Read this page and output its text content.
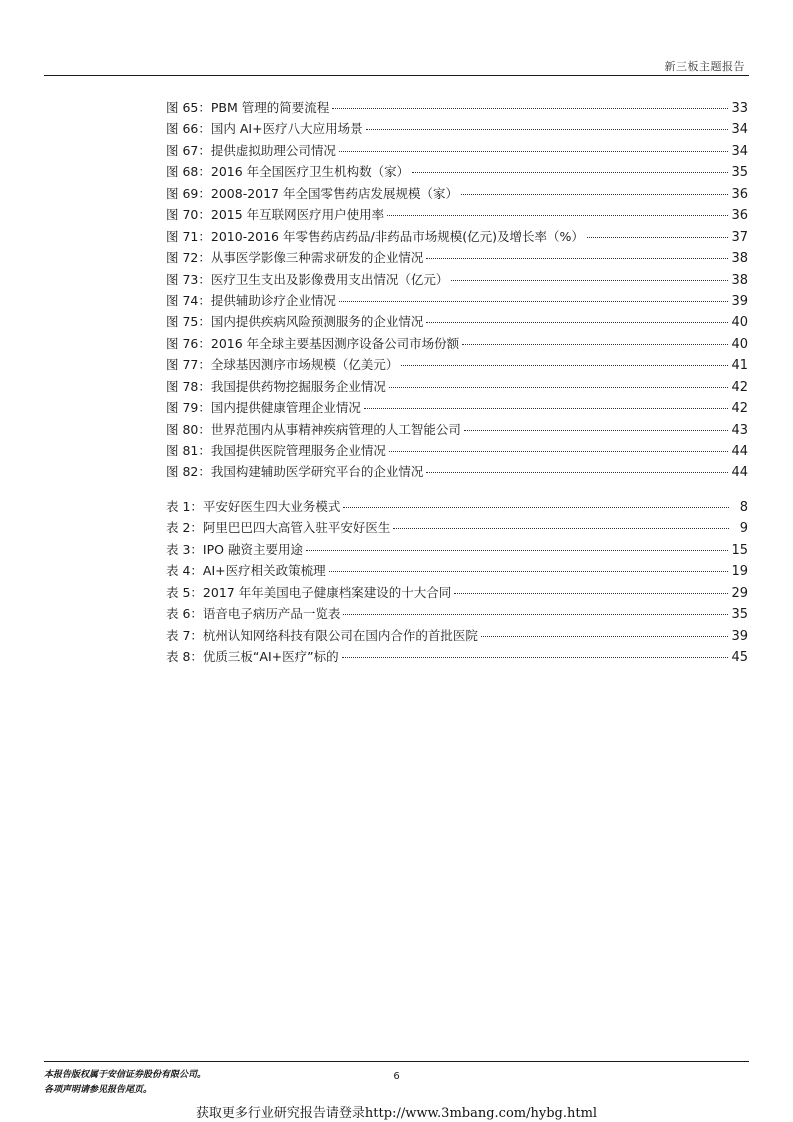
新三板主题报告
图 65：PBM 管理的简要流程	33
图 66：国内 AI+医疗八大应用场景	34
图 67：提供虚拟助理公司情况	34
图 68：2016 年全国医疗卫生机构数（家）	35
图 69：2008-2017 年全国零售药店发展规模（家）	36
图 70：2015 年互联网医疗用户使用率	36
图 71：2010-2016 年零售药店药品/非药品市场规模(亿元)及增长率（%）	37
图 72：从事医学影像三种需求研发的企业情况	38
图 73：医疗卫生支出及影像费用支出情况（亿元）	38
图 74：提供辅助诊疗企业情况	39
图 75：国内提供疾病风险预测服务的企业情况	40
图 76：2016 年全球主要基因测序设备公司市场份额	40
图 77：全球基因测序市场规模（亿美元）	41
图 78：我国提供药物挖掘服务企业情况	42
图 79：国内提供健康管理企业情况	42
图 80：世界范围内从事精神疾病管理的人工智能公司	43
图 81：我国提供医院管理服务企业情况	44
图 82：我国构建辅助医学研究平台的企业情况	44
表 1：平安好医生四大业务模式	8
表 2：阿里巴巴四大高管入驻平安好医生	9
表 3：IPO 融资主要用途	15
表 4：AI+医疗相关政策梳理	19
表 5：2017 年年美国电子健康档案建设的十大合同	29
表 6：语音电子病历产品一览表	35
表 7：杭州认知网络科技有限公司在国内合作的首批医院	39
表 8：优质三板“AI+医疗”标的	45
本报告版权属于安信证券股份有限公司。
各项声明请参见报告尾页。
6
获取更多行业研究报告请登录http://www.3mbang.com/hybg.html
